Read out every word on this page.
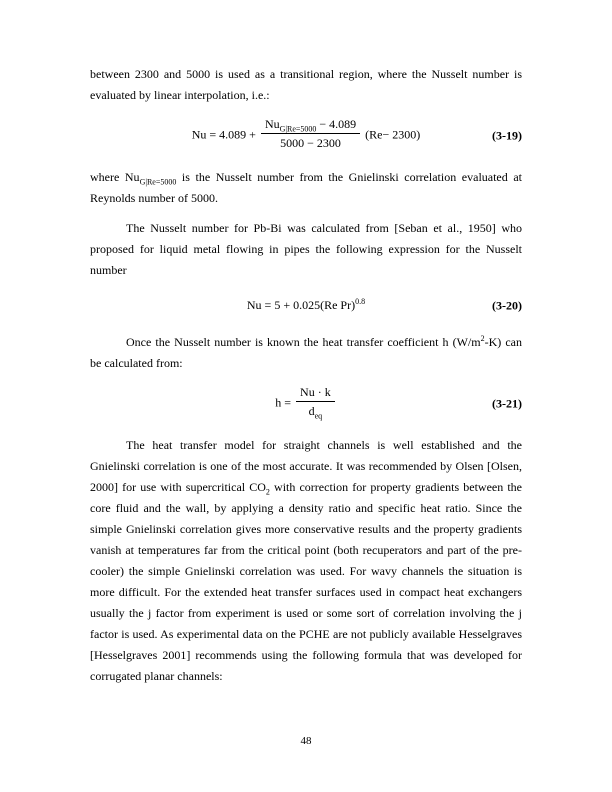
between 2300 and 5000 is used as a transitional region, where the Nusselt number is evaluated by linear interpolation, i.e.:

$Nu = 4.089 + \frac{Nu_{G|Re=5000} - 4.089}{5000 - 2300} (Re- 2300)$	(3-19)

where $Nu_{G|Re=5000}$ is the Nusselt number from the Gnielinski correlation evaluated at Reynolds number of 5000.

The Nusselt number for Pb-Bi was calculated from [Seban et al., 1950] who proposed for liquid metal flowing in pipes the following expression for the Nusselt number

Nu = 5 + 0.025(Re Pr)$^{0.8}$	(3-20)

Once the Nusselt number is known the heat transfer coefficient h $(W/m^2-K)$ can be calculated from:

$h = \frac{Nu \cdot k}{d_{eq}}$	(3-21)

The heat transfer model for straight channels is well established and the Gnielinski correlation is one of the most accurate. It was recommended by Olsen [Olsen, 2000] for use with supercritical $CO_2$ with correction for property gradients between the core fluid and the wall, by applying a density ratio and specific heat ratio. Since the simple Gnielinski correlation gives more conservative results and the property gradients vanish at temperatures far from the critical point (both recuperators and part of the pre-cooler) the simple Gnielinski correlation was used. For wavy channels the situation is more difficult. For the extended heat transfer surfaces used in compact heat exchangers usually the j factor from experiment is used or some sort of correlation involving the j factor is used. As experimental data on the PCHE are not publicly available Hesselgraves [Hesselgraves 2001] recommends using the following formula that was developed for corrugated planar channels:

48
